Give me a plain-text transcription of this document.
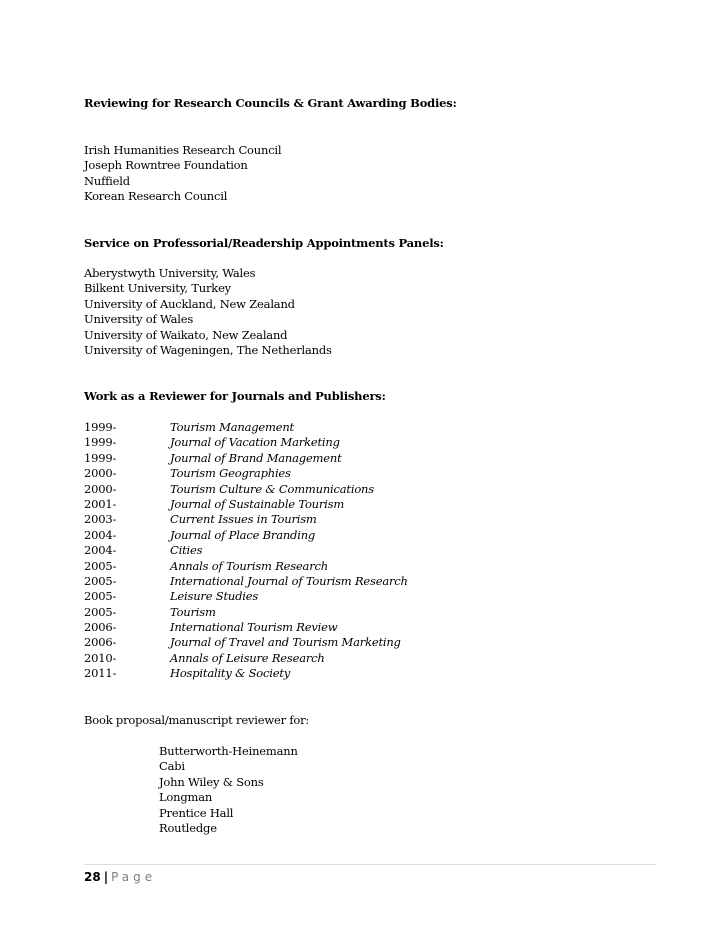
Reviewing for Research Councils & Grant Awarding Bodies:
Irish Humanities Research Council
Joseph Rowntree Foundation
Nuffield
Korean Research Council
Service on Professorial/Readership Appointments Panels:
Aberystwyth University, Wales
Bilkent University, Turkey
University of Auckland, New Zealand
University of Wales
University of Waikato, New Zealand
University of Wageningen, The Netherlands
Work as a Reviewer for Journals and Publishers:
1999-	Tourism Management
1999-	Journal of Vacation Marketing
1999-	Journal of Brand Management
2000-	Tourism Geographies
2000-	Tourism Culture & Communications
2001-	Journal of Sustainable Tourism
2003-	Current Issues in Tourism
2004-	Journal of Place Branding
2004-	Cities
2005-	Annals of Tourism Research
2005-	International Journal of Tourism Research
2005-	Leisure Studies
2005-	Tourism
2006-	International Tourism Review
2006-	Journal of Travel and Tourism Marketing
2010-	Annals of Leisure Research
2011-	Hospitality & Society
Book proposal/manuscript reviewer for:
Butterworth-Heinemann
Cabi
John Wiley & Sons
Longman
Prentice Hall
Routledge
28 | Page
